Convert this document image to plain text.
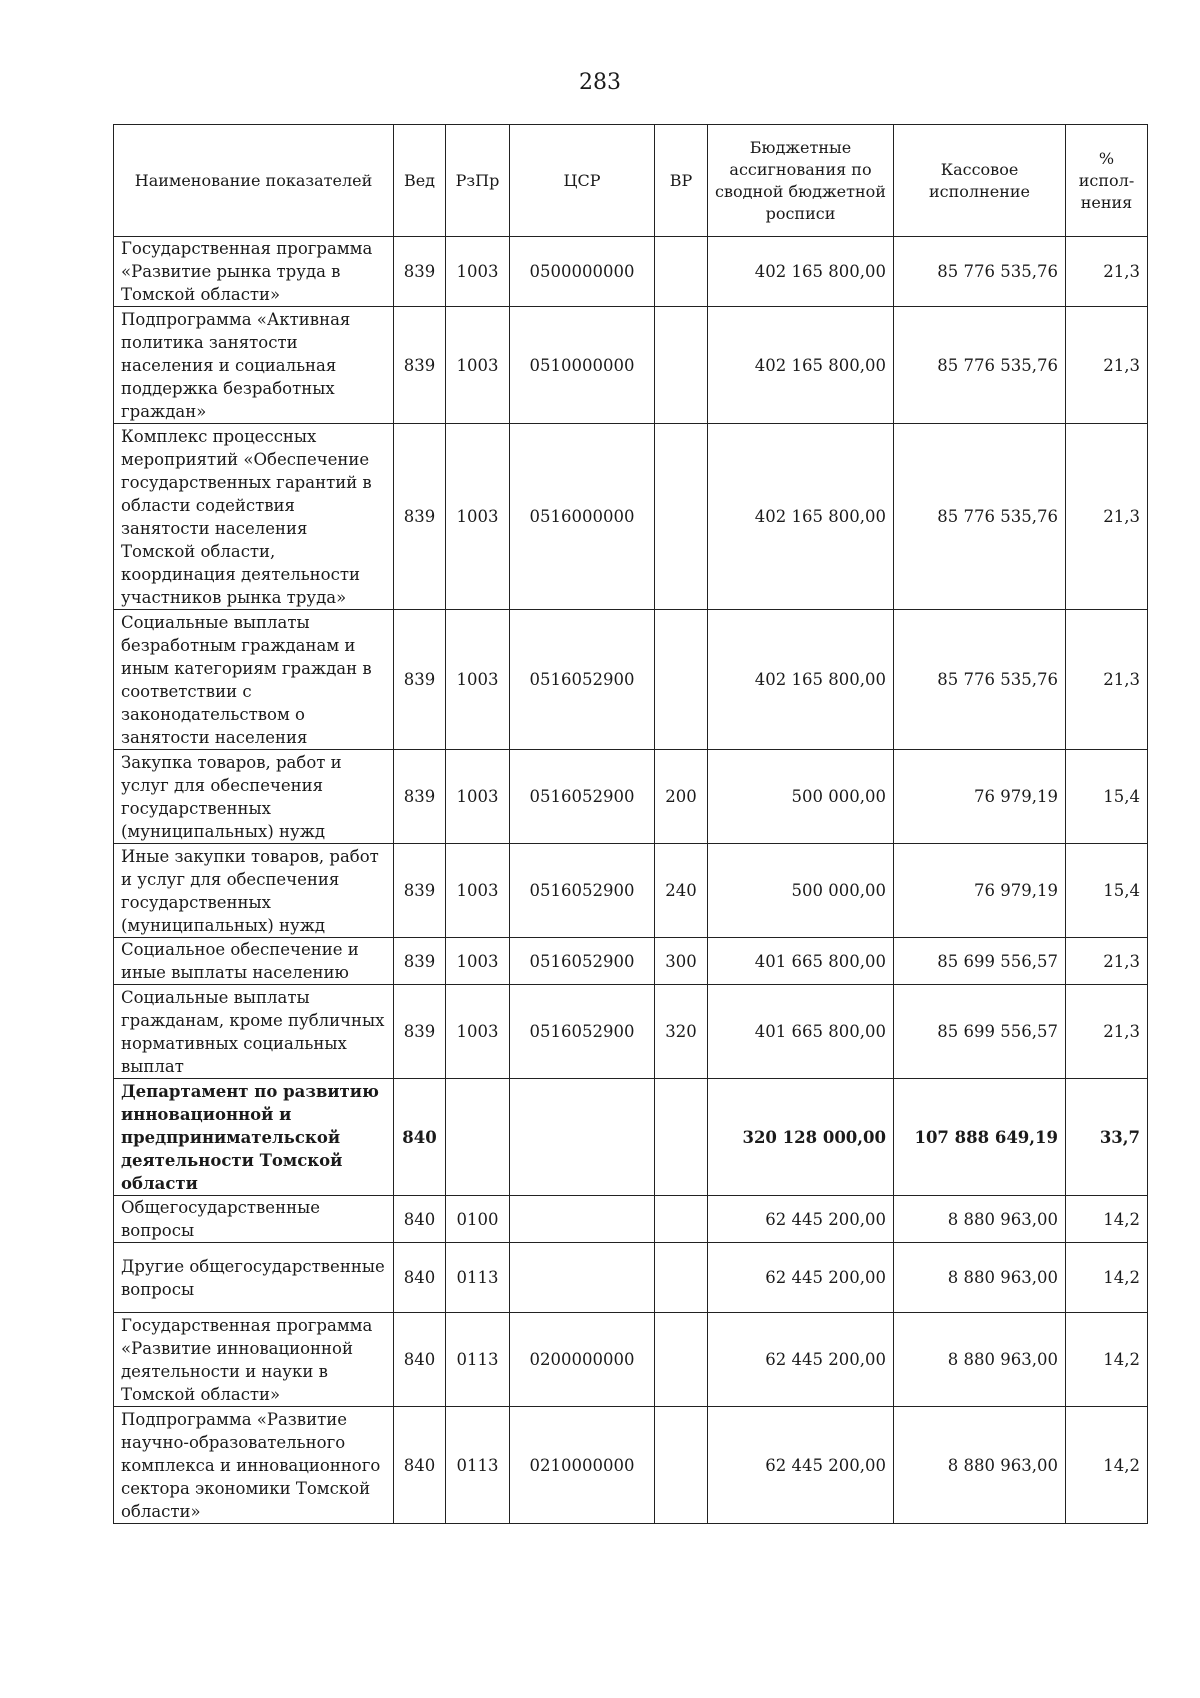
283
Наименование показателей	Вед	РзПр	ЦСР	ВР	Бюджетные ассигнования по сводной бюджетной росписи	Кассовое исполнение	% испол-нения
Государственная программа «Развитие рынка труда в Томской области»	839	1003	0500000000		402 165 800,00	85 776 535,76	21,3
Подпрограмма «Активная политика занятости населения и социальная поддержка безработных граждан»	839	1003	0510000000		402 165 800,00	85 776 535,76	21,3
Комплекс процессных мероприятий «Обеспечение государственных гарантий в области содействия занятости населения Томской области, координация деятельности участников рынка труда»	839	1003	0516000000		402 165 800,00	85 776 535,76	21,3
Социальные выплаты безработным гражданам и иным категориям граждан в соответствии с законодательством о занятости населения	839	1003	0516052900		402 165 800,00	85 776 535,76	21,3
Закупка товаров, работ и услуг для обеспечения государственных (муниципальных) нужд	839	1003	0516052900	200	500 000,00	76 979,19	15,4
Иные закупки товаров, работ и услуг для обеспечения государственных (муниципальных) нужд	839	1003	0516052900	240	500 000,00	76 979,19	15,4
Социальное обеспечение и иные выплаты населению	839	1003	0516052900	300	401 665 800,00	85 699 556,57	21,3
Социальные выплаты гражданам, кроме публичных нормативных социальных выплат	839	1003	0516052900	320	401 665 800,00	85 699 556,57	21,3
Департамент по развитию инновационной и предпринимательской деятельности Томской области	840				320 128 000,00	107 888 649,19	33,7
Общегосударственные вопросы	840	0100			62 445 200,00	8 880 963,00	14,2
Другие общегосударственные вопросы	840	0113			62 445 200,00	8 880 963,00	14,2
Государственная программа «Развитие инновационной деятельности и науки в Томской области»	840	0113	0200000000		62 445 200,00	8 880 963,00	14,2
Подпрограмма «Развитие научно-образовательного комплекса и инновационного сектора экономики Томской области»	840	0113	0210000000		62 445 200,00	8 880 963,00	14,2
